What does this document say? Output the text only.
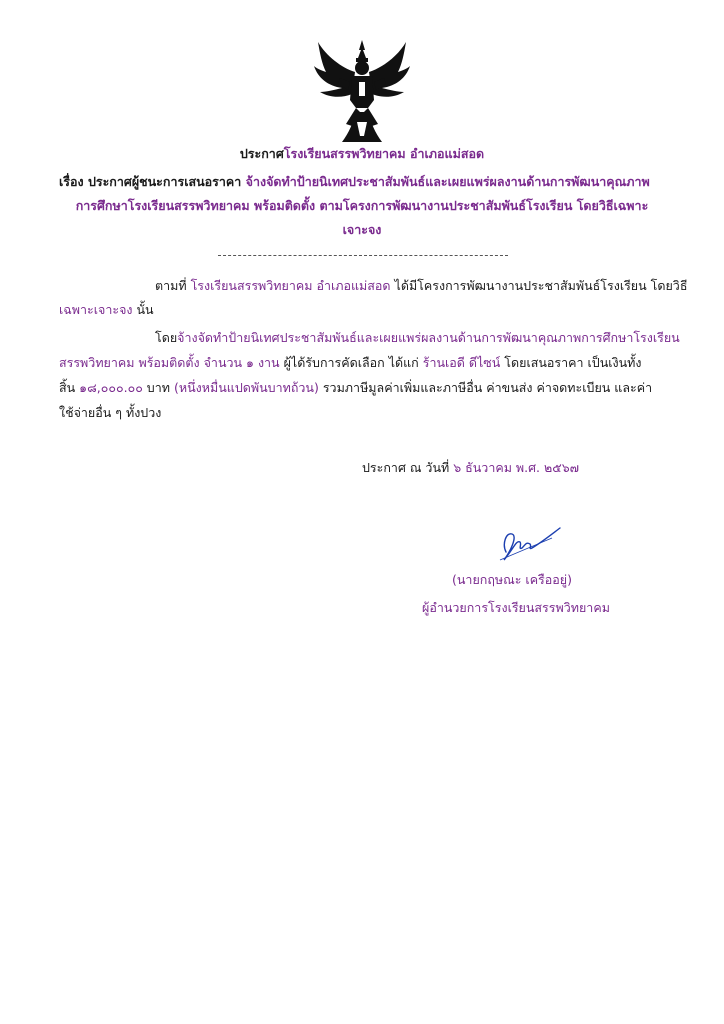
ประกาศโรงเรียนสรรพวิทยาคม อำเภอแม่สอด
เรื่อง ประกาศผู้ชนะการเสนอราคา จ้างจัดทำป้ายนิเทศประชาสัมพันธ์และเผยแพร่ผลงานด้านการพัฒนาคุณภาพ
การศึกษาโรงเรียนสรรพวิทยาคม พร้อมติดตั้ง ตามโครงการพัฒนางานประชาสัมพันธ์โรงเรียน โดยวิธีเฉพาะ
เจาะจง
ตามที่ โรงเรียนสรรพวิทยาคม อำเภอแม่สอด ได้มีโครงการพัฒนางานประชาสัมพันธ์โรงเรียน โดยวิธี
เฉพาะเจาะจง นั้น
โดยจ้างจัดทำป้ายนิเทศประชาสัมพันธ์และเผยแพร่ผลงานด้านการพัฒนาคุณภาพการศึกษาโรงเรียน
สรรพวิทยาคม พร้อมติดตั้ง จำนวน ๑ งาน ผู้ได้รับการคัดเลือก ได้แก่ ร้านเอดี ดีไซน์ โดยเสนอราคา เป็นเงินทั้ง
สิ้น ๑๘,๐๐๐.๐๐ บาท (หนึ่งหมื่นแปดพันบาทถ้วน) รวมภาษีมูลค่าเพิ่มและภาษีอื่น ค่าขนส่ง ค่าจดทะเบียน และค่า
ใช้จ่ายอื่น ๆ ทั้งปวง
ประกาศ ณ วันที่ ๖ ธันวาคม พ.ศ. ๒๕๖๗
(นายกฤษณะ เครืออยู่)
ผู้อำนวยการโรงเรียนสรรพวิทยาคม
